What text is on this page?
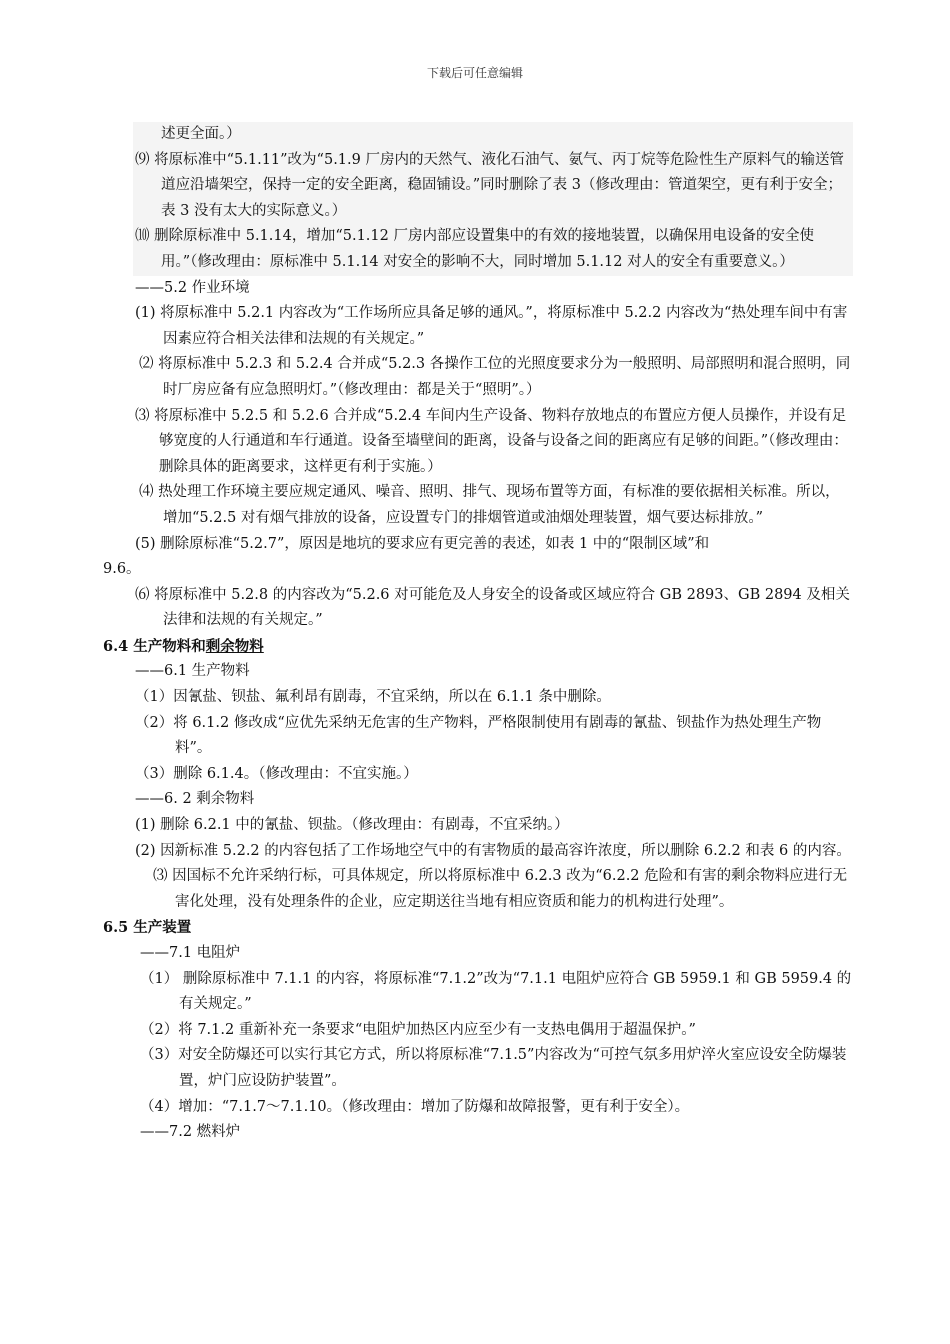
下载后可任意编辑

述更全面。）

⑼ 将原标准中“5.1.11”改为“5.1.9 厂房内的天然气、液化石油气、氨气、丙丁烷等危险性生产原料气的输送管道应沿墙架空，保持一定的安全距离，稳固铺设。”同时删除了表 3（修改理由：管道架空，更有利于安全；表 3 没有太大的实际意义。）

⑽ 删除原标准中 5.1.14，增加“5.1.12 厂房内部应设置集中的有效的接地装置，以确保用电设备的安全使用。”（修改理由：原标准中 5.1.14 对安全的影响不大，同时增加 5.1.12 对人的安全有重要意义。）

——5.2 作业环境

(1) 将原标准中 5.2.1 内容改为“工作场所应具备足够的通风。”，将原标准中 5.2.2 内容改为“热处理车间中有害因素应符合相关法律和法规的有关规定。”

⑵ 将原标准中 5.2.3 和 5.2.4 合并成“5.2.3 各操作工位的光照度要求分为一般照明、局部照明和混合照明，同时厂房应备有应急照明灯。”（修改理由：都是关于“照明”。）

⑶ 将原标准中 5.2.5 和 5.2.6 合并成“5.2.4 车间内生产设备、物料存放地点的布置应方便人员操作，并设有足够宽度的人行通道和车行通道。设备至墙壁间的距离，设备与设备之间的距离应有足够的间距。”（修改理由：删除具体的距离要求，这样更有利于实施。）

⑷ 热处理工作环境主要应规定通风、噪音、照明、排气、现场布置等方面，有标准的要依据相关标准。所以，增加“5.2.5 对有烟气排放的设备，应设置专门的排烟管道或油烟处理装置，烟气要达标排放。”

(5) 删除原标准“5.2.7”，原因是地坑的要求应有更完善的表述，如表 1 中的“限制区域”和

9.6。

⑹ 将原标准中 5.2.8 的内容改为“5.2.6 对可能危及人身安全的设备或区域应符合 GB 2893、GB 2894 及相关法律和法规的有关规定。”

6.4 生产物料和剩余物料

——6.1 生产物料

（1）因氰盐、钡盐、氟利昂有剧毒，不宜采纳，所以在 6.1.1 条中删除。

（2）将 6.1.2 修改成“应优先采纳无危害的生产物料，严格限制使用有剧毒的氰盐、钡盐作为热处理生产物料”。

（3）删除 6.1.4。（修改理由：不宜实施。）

——6. 2 剩余物料

(1) 删除 6.2.1 中的氰盐、钡盐。（修改理由：有剧毒，不宜采纳。）

(2) 因新标准 5.2.2 的内容包括了工作场地空气中的有害物质的最高容许浓度，所以删除 6.2.2 和表 6 的内容。

⑶ 因国标不允许采纳行标，可具体规定，所以将原标准中 6.2.3 改为“6.2.2 危险和有害的剩余物料应进行无害化处理，没有处理条件的企业，应定期送往当地有相应资质和能力的机构进行处理”。

6.5 生产装置

——7.1 电阻炉

（1） 删除原标准中 7.1.1 的内容，将原标准“7.1.2”改为“7.1.1 电阻炉应符合 GB 5959.1 和 GB 5959.4 的有关规定。”

（2）将 7.1.2 重新补充一条要求“电阻炉加热区内应至少有一支热电偶用于超温保护。”

（3）对安全防爆还可以实行其它方式，所以将原标准“7.1.5”内容改为“可控气氛多用炉淬火室应设安全防爆装置，炉门应设防护装置”。

（4）增加：“7.1.7～7.1.10。（修改理由：增加了防爆和故障报警，更有利于安全）。

——7.2 燃料炉
